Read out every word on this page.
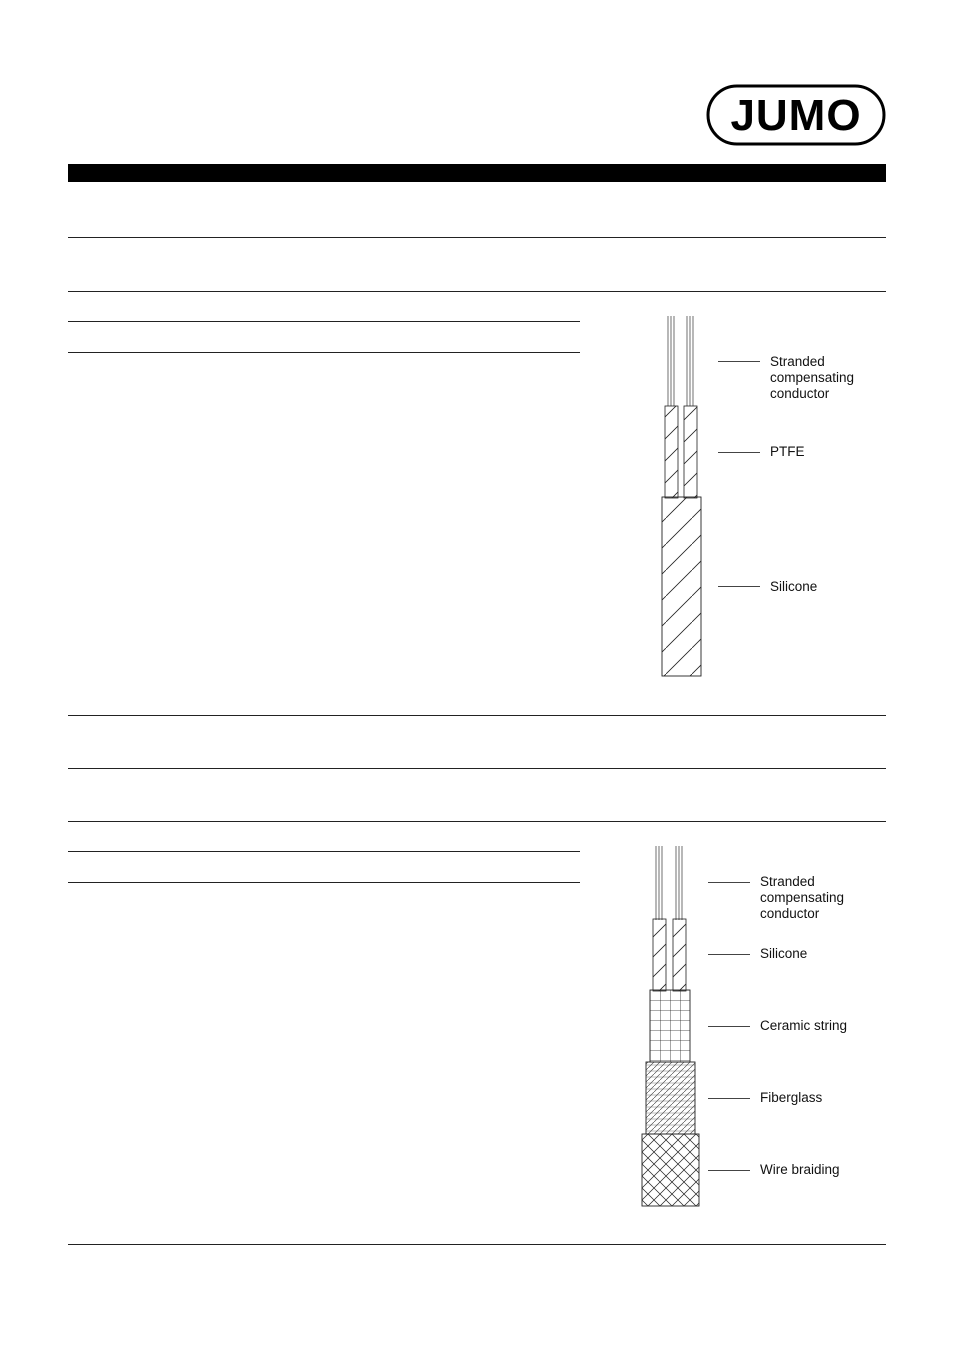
JUMO
Stranded
compensating
conductor
PTFE
Silicone
Stranded
compensating
conductor
Silicone
Ceramic string
Fiberglass
Wire braiding
